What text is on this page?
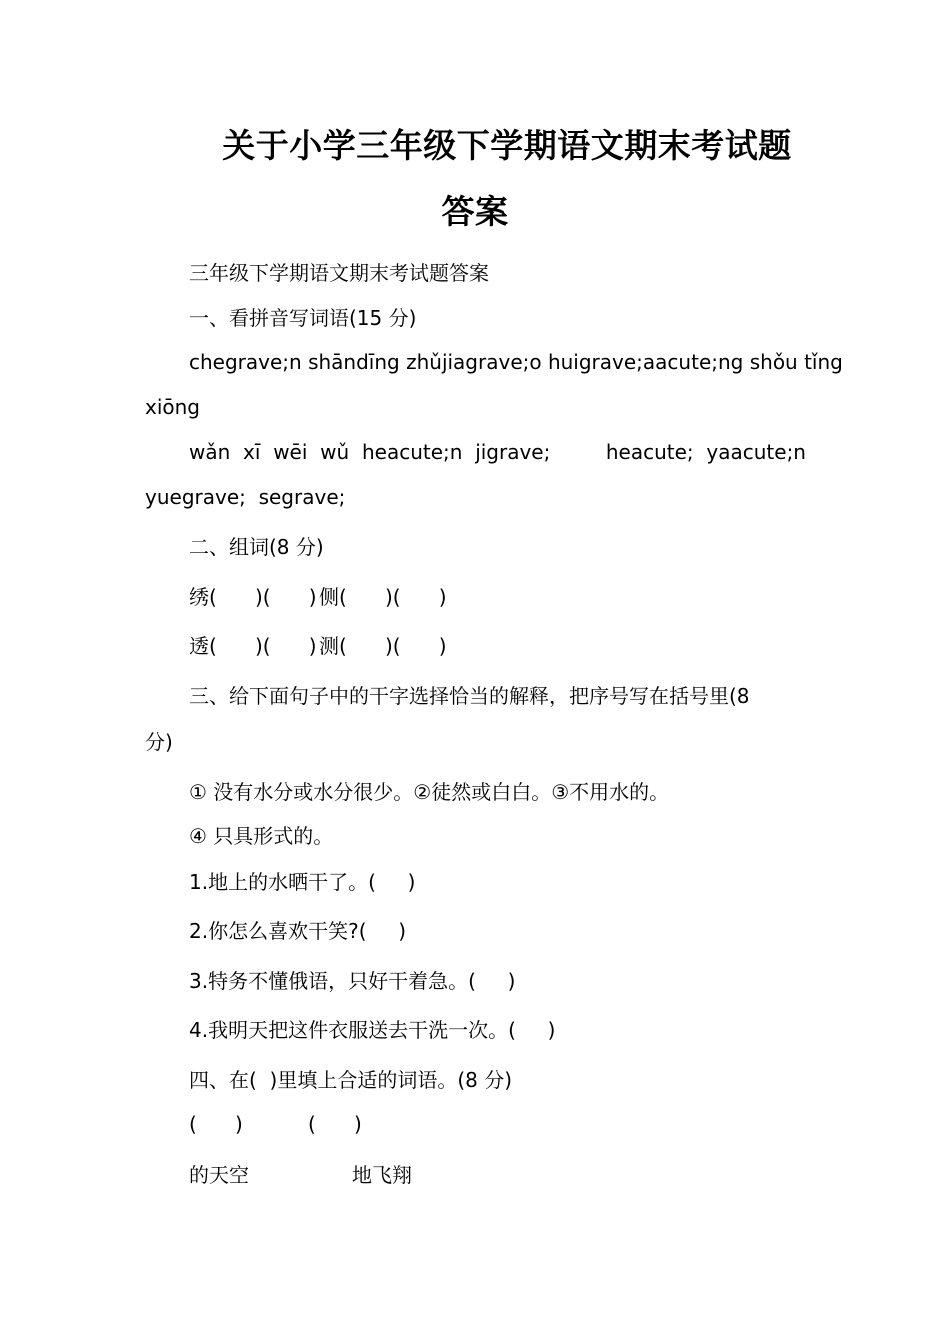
关于小学三年级下学期语文期末考试题
答案
三年级下学期语文期末考试题答案
一、看拼音写词语(15 分)
chegrave;n shān dīng zhǔ jiagrave;o huigrave; aacute;ng shǒu tǐng
xiōng
wǎn xī wēi wǔ heacute;n jigrave;	heacute; yaacute;n
yuegrave;  segrave;
二、组词(8 分)
绣(      )(      ) 侧(      )(      )
透(      )(      ) 测(      )(      )
三、给下面句子中的干字选择恰当的解释，把序号写在括号里(8
分)
① 没有水分或水分很少。②徒然或白白。③不用水的。
④ 只具形式的。
1.地上的水晒干了。(     )
2.你怎么喜欢干笑?(     )
3.特务不懂俄语，只好干着急。(     )
4.我明天把这件衣服送去干洗一次。(     )
四、在(  )里填上合适的词语。(8 分)
(      )	(      )
的天空	地飞翔
